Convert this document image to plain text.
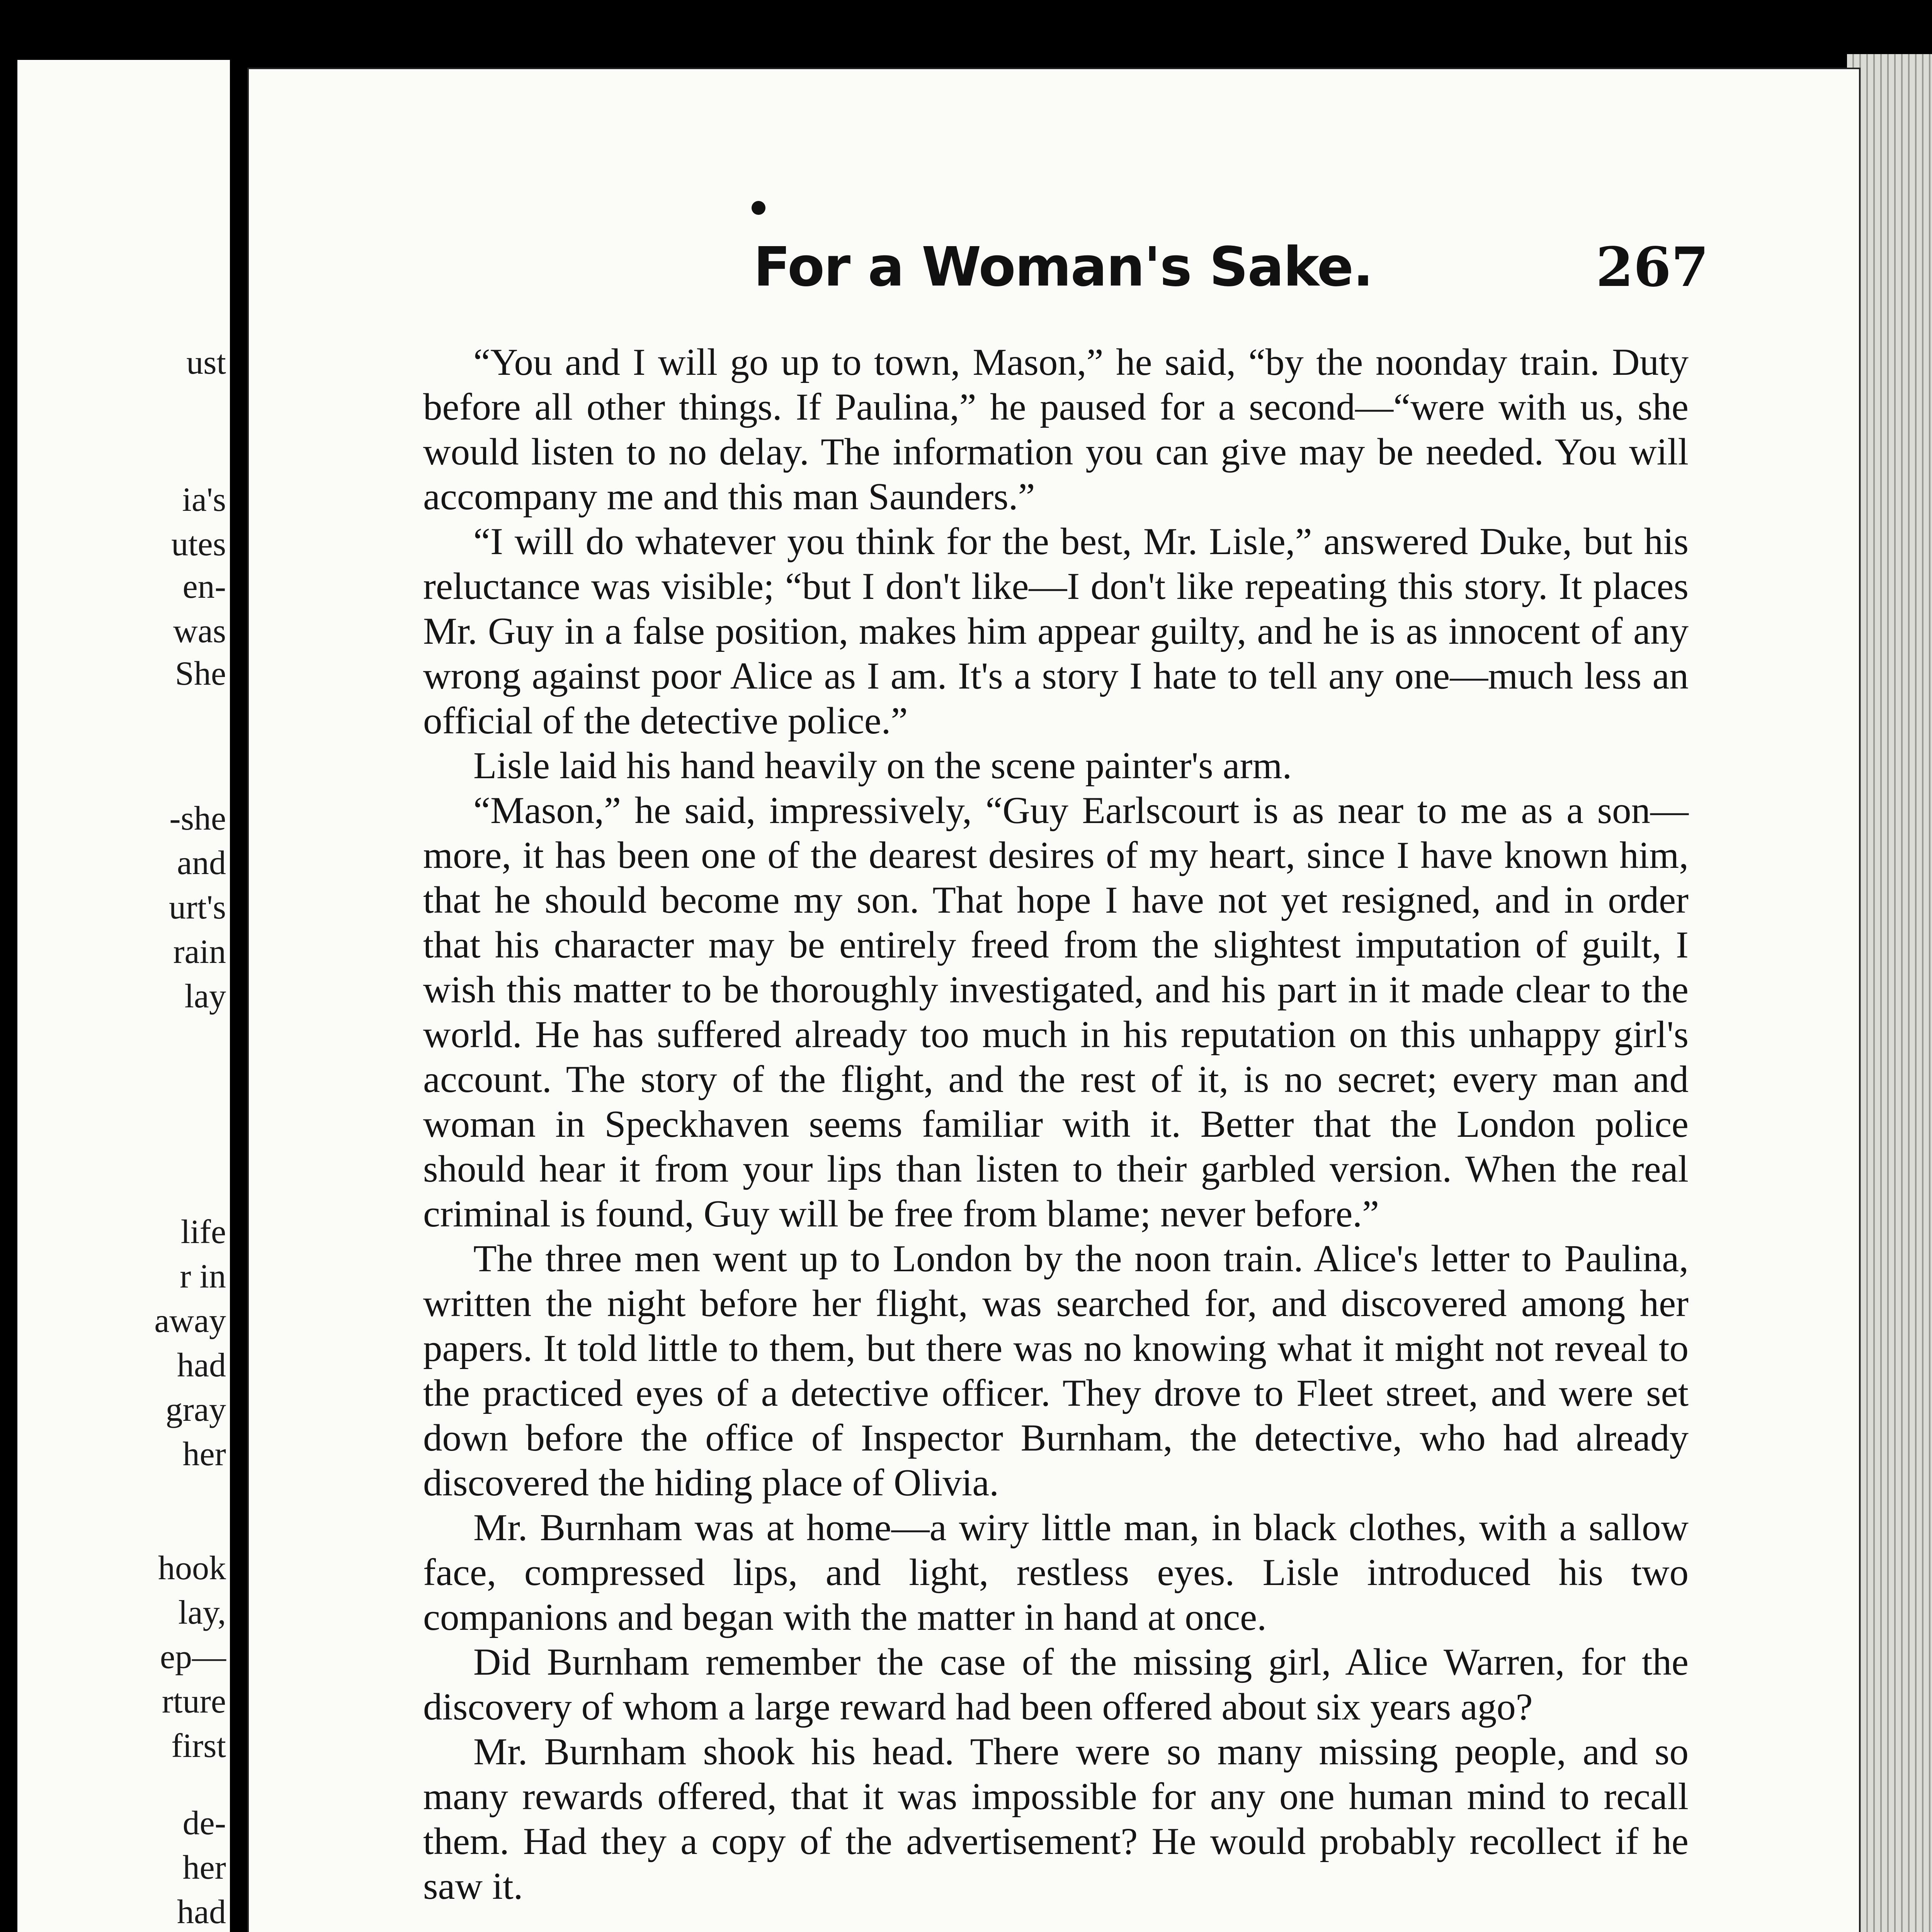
ust
ia's
utes
en-
was
She
-she
and
urt's
rain
lay
life
r in
away
had
gray
her
hook
lay,
ep—
rture
first
de-
her
had
For a Woman's Sake.	267

“You and I will go up to town, Mason,” he said, “by the noonday train. Duty before all other things. If Paulina,” he paused for a second—“were with us, she would listen to no delay. The information you can give may be needed. You will accompany me and this man Saunders.”

“I will do whatever you think for the best, Mr. Lisle,” answered Duke, but his reluctance was visible; “but I don't like—I don't like repeating this story. It places Mr. Guy in a false position, makes him appear guilty, and he is as innocent of any wrong against poor Alice as I am. It's a story I hate to tell any one—much less an official of the detective police.”

Lisle laid his hand heavily on the scene painter's arm.

“Mason,” he said, impressively, “Guy Earlscourt is as near to me as a son—more, it has been one of the dearest desires of my heart, since I have known him, that he should become my son. That hope I have not yet resigned, and in order that his character may be entirely freed from the slightest imputation of guilt, I wish this matter to be thoroughly investigated, and his part in it made clear to the world. He has suffered already too much in his reputation on this unhappy girl's account. The story of the flight, and the rest of it, is no secret; every man and woman in Speckhaven seems familiar with it. Better that the London police should hear it from your lips than listen to their garbled version. When the real criminal is found, Guy will be free from blame; never before.”

The three men went up to London by the noon train. Alice's letter to Paulina, written the night before her flight, was searched for, and discovered among her papers. It told little to them, but there was no knowing what it might not reveal to the practiced eyes of a detective officer. They drove to Fleet street, and were set down before the office of Inspector Burnham, the detective, who had already discovered the hiding place of Olivia.

Mr. Burnham was at home—a wiry little man, in black clothes, with a sallow face, compressed lips, and light, restless eyes. Lisle introduced his two companions and began with the matter in hand at once.

Did Burnham remember the case of the missing girl, Alice Warren, for the discovery of whom a large reward had been offered about six years ago?

Mr. Burnham shook his head. There were so many missing people, and so many rewards offered, that it was impossible for any one human mind to recall them. Had they a copy of the advertisement? He would probably recollect if he saw it.
